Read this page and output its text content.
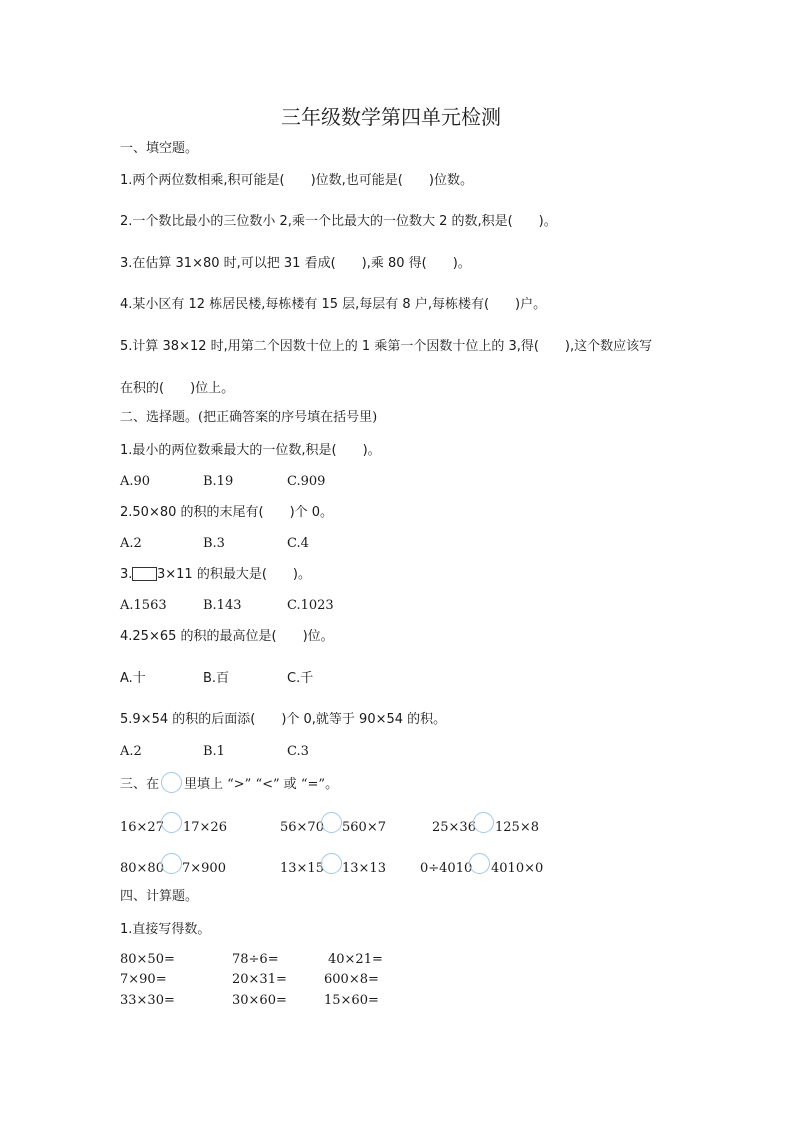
三年级数学第四单元检测
一、填空题。
1.两个两位数相乘,积可能是(　　)位数,也可能是(　　)位数。
2.一个数比最小的三位数小 2,乘一个比最大的一位数大 2 的数,积是(　　)。
3.在估算 31×80 时,可以把 31 看成(　　),乘 80 得(　　)。
4.某小区有 12 栋居民楼,每栋楼有 15 层,每层有 8 户,每栋楼有(　　)户。
5.计算 38×12 时,用第二个因数十位上的 1 乘第一个因数十位上的 3,得(　　),这个数应该写
在积的(　　)位上。
二、选择题。(把正确答案的序号填在括号里)
1.最小的两位数乘最大的一位数,积是(　　)。
A.90	B.19	C.909
2.50×80 的积的末尾有(　　)个 0。
A.2	B.3	C.4
3. 3×11 的积最大是(　　)。
A.1563	B.143	C.1023
4.25×65 的积的最高位是(　　)位。
A.十	B.百	C.千
5.9×54 的积的后面添(　　)个 0,就等于 90×54 的积。
A.2	B.1	C.3
三、在 里填上 “>” “<” 或 “=”。
16×27 17×26	56×70 560×7	25×36 125×8
80×80 7×900	13×15 13×13	0÷4010 4010×0
四、计算题。
1.直接写得数。
80×50=	78÷6=	40×21=
7×90=	20×31=	600×8=
33×30=	30×60=	15×60=
